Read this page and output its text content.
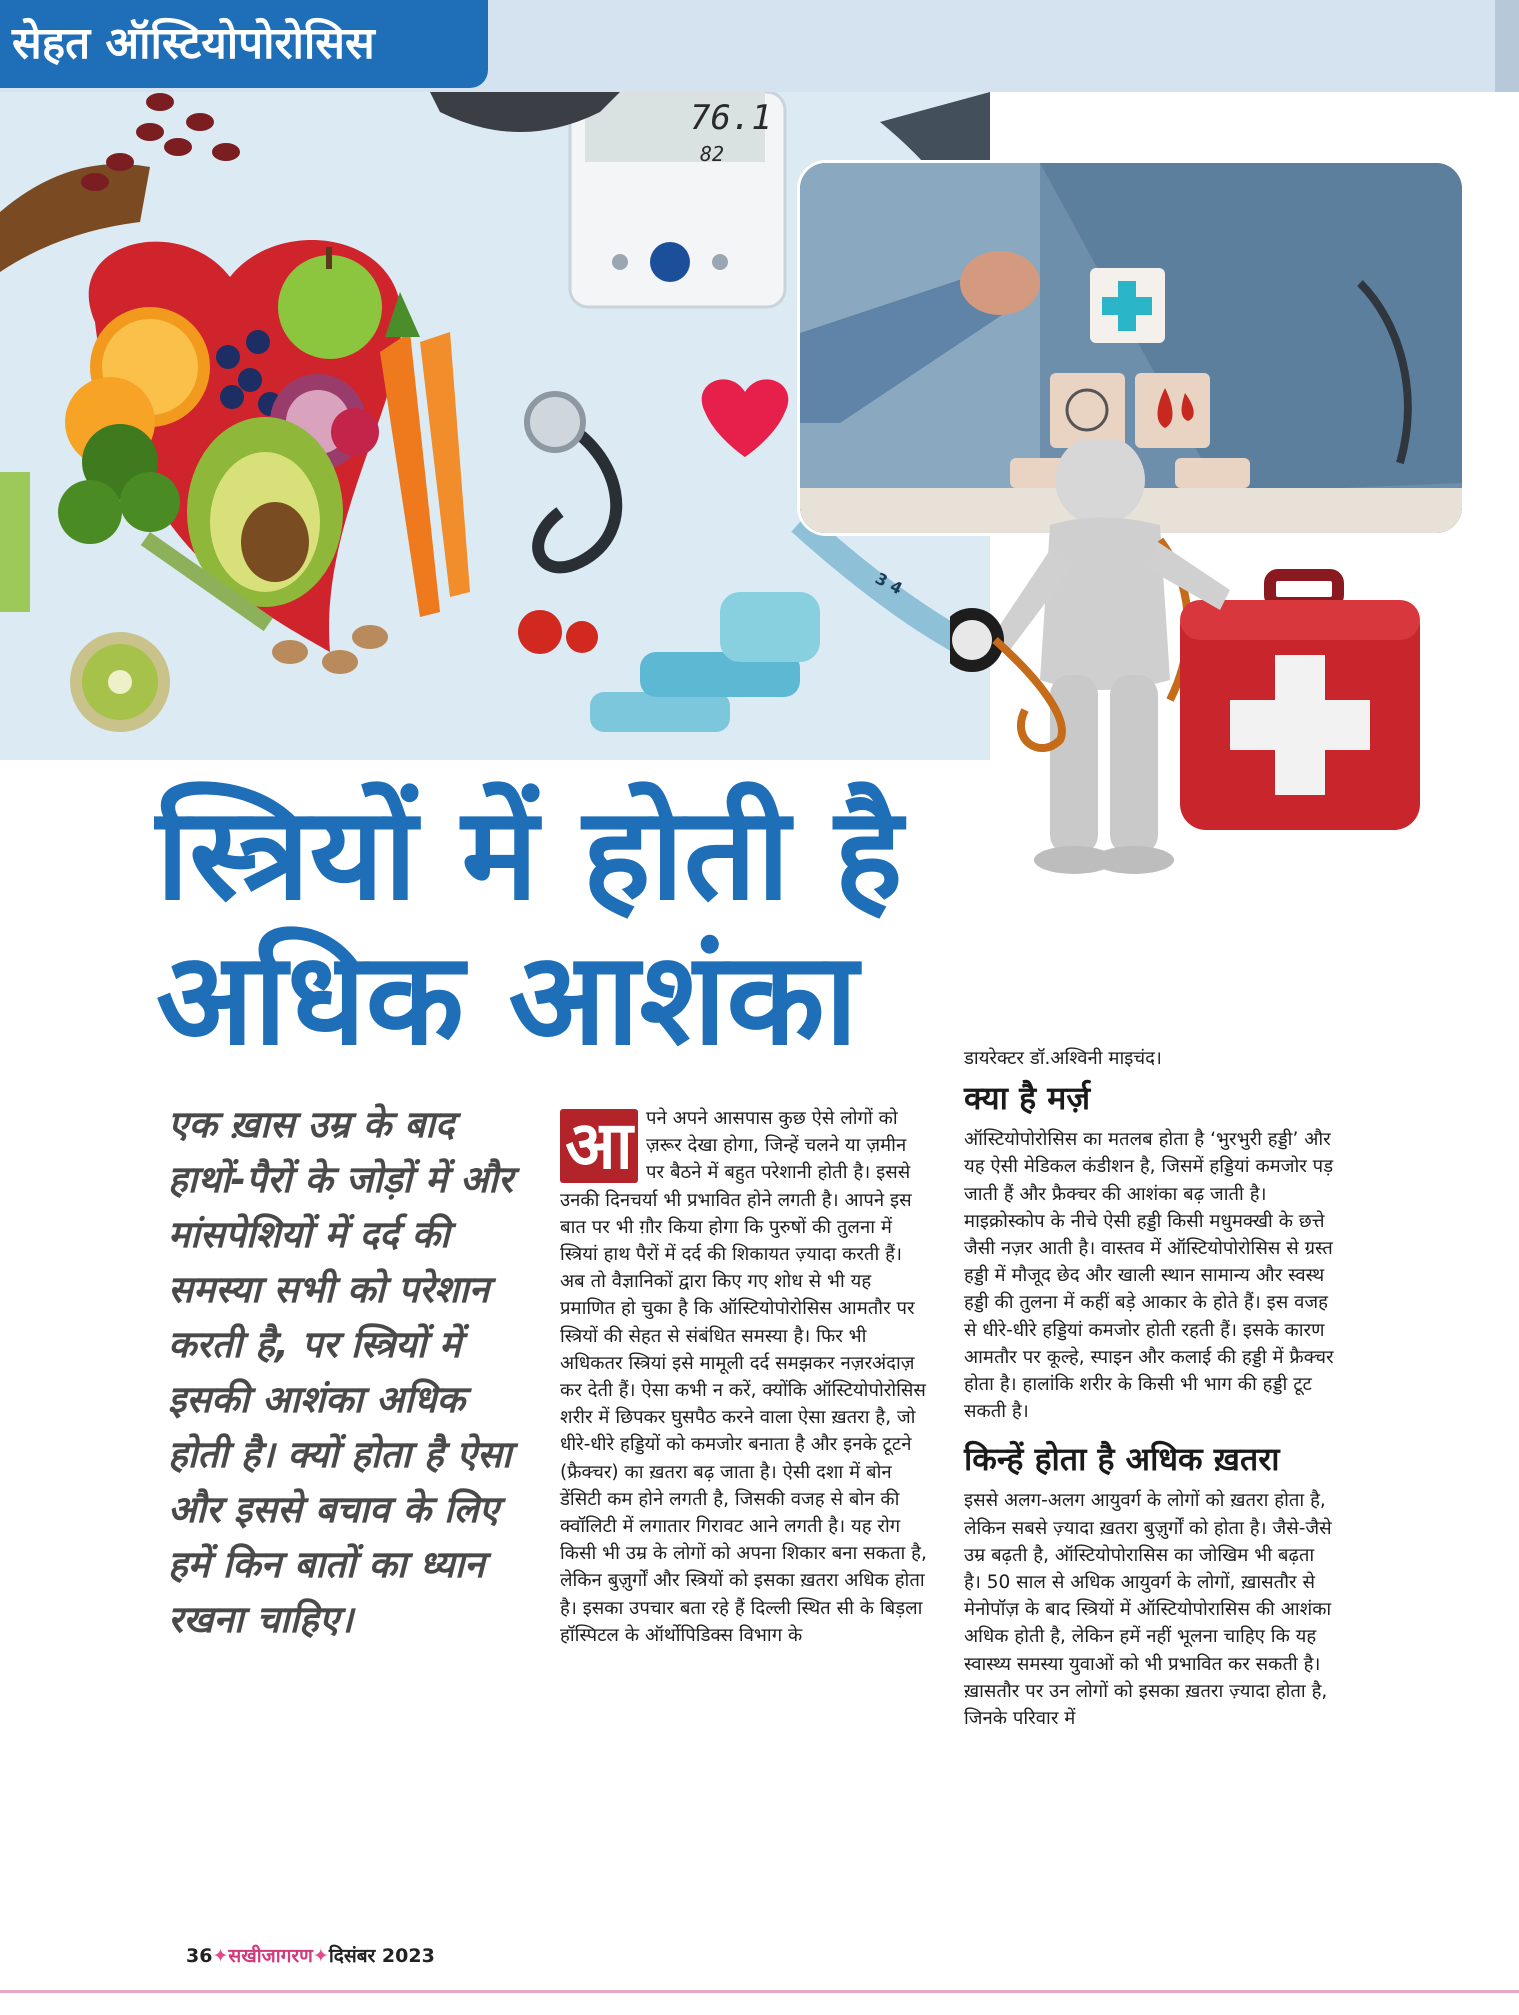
सेहत ऑस्टियोपोरोसिस
76.1
82
3 4
स्त्रियों में होती है
अधिक आशंका
एक ख़ास उम्र के बाद हाथों-पैरों के जोड़ों में और मांसपेशियों में दर्द की समस्या सभी को परेशान करती है, पर स्त्रियों में इसकी आशंका अधिक होती है। क्यों होता है ऐसा और इससे बचाव के लिए हमें किन बातों का ध्यान रखना चाहिए।
आ पने अपने आसपास कुछ ऐसे लोगों को ज़रूर देखा होगा, जिन्हें चलने या ज़मीन पर बैठने में बहुत परेशानी होती है। इससे उनकी दिनचर्या भी प्रभावित होने लगती है। आपने इस बात पर भी ग़ौर किया होगा कि पुरुषों की तुलना में स्त्रियां हाथ पैरों में दर्द की शिकायत ज़्यादा करती हैं। अब तो वैज्ञानिकों द्वारा किए गए शोध से भी यह प्रमाणित हो चुका है कि ऑस्टियोपोरोसिस आमतौर पर स्त्रियों की सेहत से संबंधित समस्या है। फिर भी अधिकतर स्त्रियां इसे मामूली दर्द समझकर नज़रअंदाज़ कर देती हैं। ऐसा कभी न करें, क्योंकि ऑस्टियोपोरोसिस शरीर में छिपकर घुसपैठ करने वाला ऐसा ख़तरा है, जो धीरे-धीरे हड्डियों को कमजोर बनाता है और इनके टूटने (फ्रैक्चर) का ख़तरा बढ़ जाता है। ऐसी दशा में बोन डेंसिटी कम होने लगती है, जिसकी वजह से बोन की क्वॉलिटी में लगातार गिरावट आने लगती है। यह रोग किसी भी उम्र के लोगों को अपना शिकार बना सकता है, लेकिन बुज़ुर्गों और स्त्रियों को इसका ख़तरा अधिक होता है। इसका उपचार बता रहे हैं दिल्ली स्थित सी के बिड़ला हॉस्पिटल के ऑर्थोपिडिक्स विभाग के

डायरेक्टर डॉ.अश्विनी माइचंद।

क्या है मर्ज़

ऑस्टियोपोरोसिस का मतलब होता है ‘भुरभुरी हड्डी’ और यह ऐसी मेडिकल कंडीशन है, जिसमें हड्डियां कमजोर पड़ जाती हैं और फ्रैक्चर की आशंका बढ़ जाती है। माइक्रोस्कोप के नीचे ऐसी हड्डी किसी मधुमक्खी के छत्ते जैसी नज़र आती है। वास्तव में ऑस्टियोपोरोसिस से ग्रस्त हड्डी में मौजूद छेद और खाली स्थान सामान्य और स्वस्थ हड्डी की तुलना में कहीं बड़े आकार के होते हैं। इस वजह से धीरे-धीरे हड्डियां कमजोर होती रहती हैं। इसके कारण आमतौर पर कूल्हे, स्पाइन और कलाई की हड्डी में फ्रैक्चर होता है। हालांकि शरीर के किसी भी भाग की हड्डी टूट सकती है।

किन्हें होता है अधिक ख़तरा

इससे अलग-अलग आयुवर्ग के लोगों को ख़तरा होता है, लेकिन सबसे ज़्यादा ख़तरा बुज़ुर्गों को होता है। जैसे-जैसे उम्र बढ़ती है, ऑस्टियोपोरासिस का जोखिम भी बढ़ता है। 50 साल से अधिक आयुवर्ग के लोगों, ख़ासतौर से मेनोपॉज़ के बाद स्त्रियों में ऑस्टियोपोरासिस की आशंका अधिक होती है, लेकिन हमें नहीं भूलना चाहिए कि यह स्वास्थ्य समस्या युवाओं को भी प्रभावित कर सकती है। ख़ासतौर पर उन लोगों को इसका ख़तरा ज़्यादा होता है, जिनके परिवार में

36✦सखीजागरण✦दिसंबर 2023
